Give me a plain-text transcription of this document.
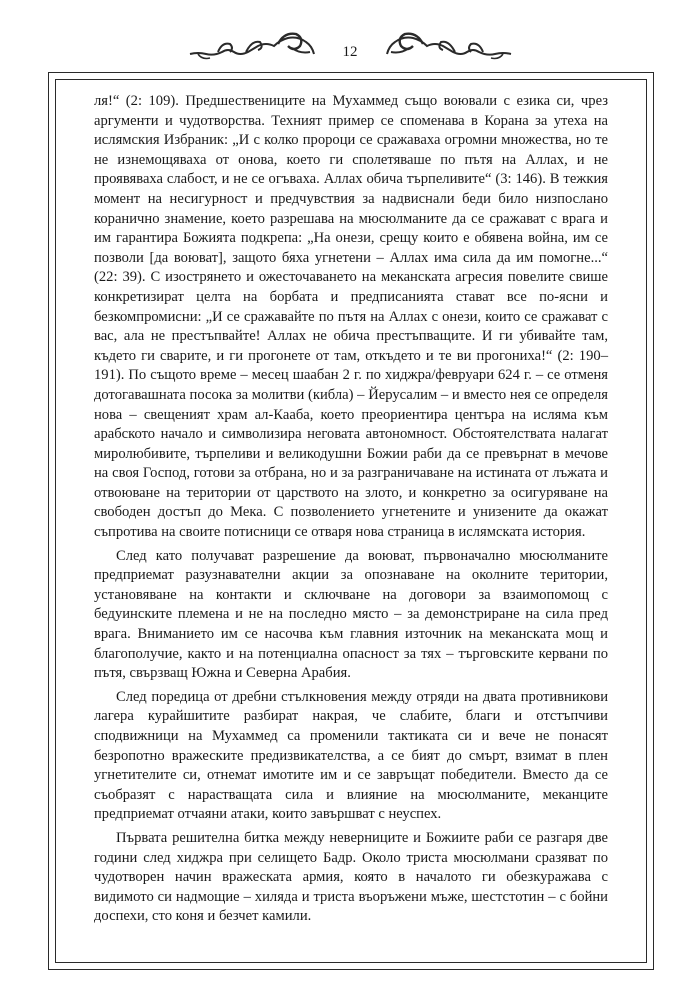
12

ля!“ (2: 109). Предшествениците на Мухаммед също воювали с езика си, чрез аргументи и чудотворства. Техният пример се споменава в Корана за утеха на ислямския Избраник: „И с колко пророци се сражаваха огромни множества, но те не изнемощяваха от онова, което ги сполетяваше по пътя на Аллах, и не проявяваха слабост, и не се огъваха. Аллах обича търпеливите“ (3: 146). В тежкия момент на несигурност и предчувствия за надвиснали беди било низпослано коранично знамение, което разрешава на мюсюлманите да се сражават с врага и им гарантира Божията подкрепа: „На онези, срещу които е обявена война, им се позволи [да воюват], защото бяха угнетени – Аллах има сила да им помогне...“ (22: 39). С изострянето и ожесточаването на меканската агресия повелите свише конкретизират целта на борбата и предписанията стават все по-ясни и безкомпромисни: „И се сражавайте по пътя на Аллах с онези, които се сражават с вас, ала не престъпвайте! Аллах не обича престъпващите. И ги убивайте там, където ги сварите, и ги прогонете от там, откъдето и те ви прогониха!“ (2: 190–191). По същото време – месец шаабан 2 г. по хиджра/февруари 624 г. – се отменя дотогавашната посока за молитви (кибла) – Йерусалим – и вместо нея се определя нова – свещеният храм ал-Кааба, което преориентира центъра на исляма към арабското начало и символизира неговата автономност. Обстоятелствата налагат миролюбивите, търпеливи и великодушни Божии раби да се превърнат в мечове на своя Господ, готови за отбрана, но и за разграничаване на истината от лъжата и отвоюване на територии от царството на злото, и конкретно за осигуряване на свободен достъп до Мека. С позволението угнетените и унизените да окажат съпротива на своите потисници се отваря нова страница в ислямската история.

След като получават разрешение да воюват, първоначално мюсюлманите предприемат разузнавателни акции за опознаване на околните територии, установяване на контакти и сключване на договори за взаимопомощ с бедуинските племена и не на последно място – за демонстриране на сила пред врага. Вниманието им се насочва към главния източник на меканската мощ и благополучие, както и на потенциална опасност за тях – търговските кервани по пътя, свързващ Южна и Северна Арабия.

След поредица от дребни стълкновения между отряди на двата противникови лагера курайшитите разбират накрая, че слабите, благи и отстъпчиви сподвижници на Мухаммед са променили тактиката си и вече не понасят безропотно вражеските предизвикателства, а се бият до смърт, взимат в плен угнетителите си, отнемат имотите им и се завръщат победители. Вместо да се съобразят с нарастващата сила и влияние на мюсюлманите, меканците предприемат отчаяни атаки, които завършват с неуспех.

Първата решителна битка между неверниците и Божиите раби се разгаря две години след хиджра при селището Бадр. Около триста мюсюлмани сразяват по чудотворен начин вражеската армия, която в началото ги обезкуражава с видимото си надмощие – хиляда и триста въоръжени мъже, шестстотин – с бойни доспехи, сто коня и безчет камили.
